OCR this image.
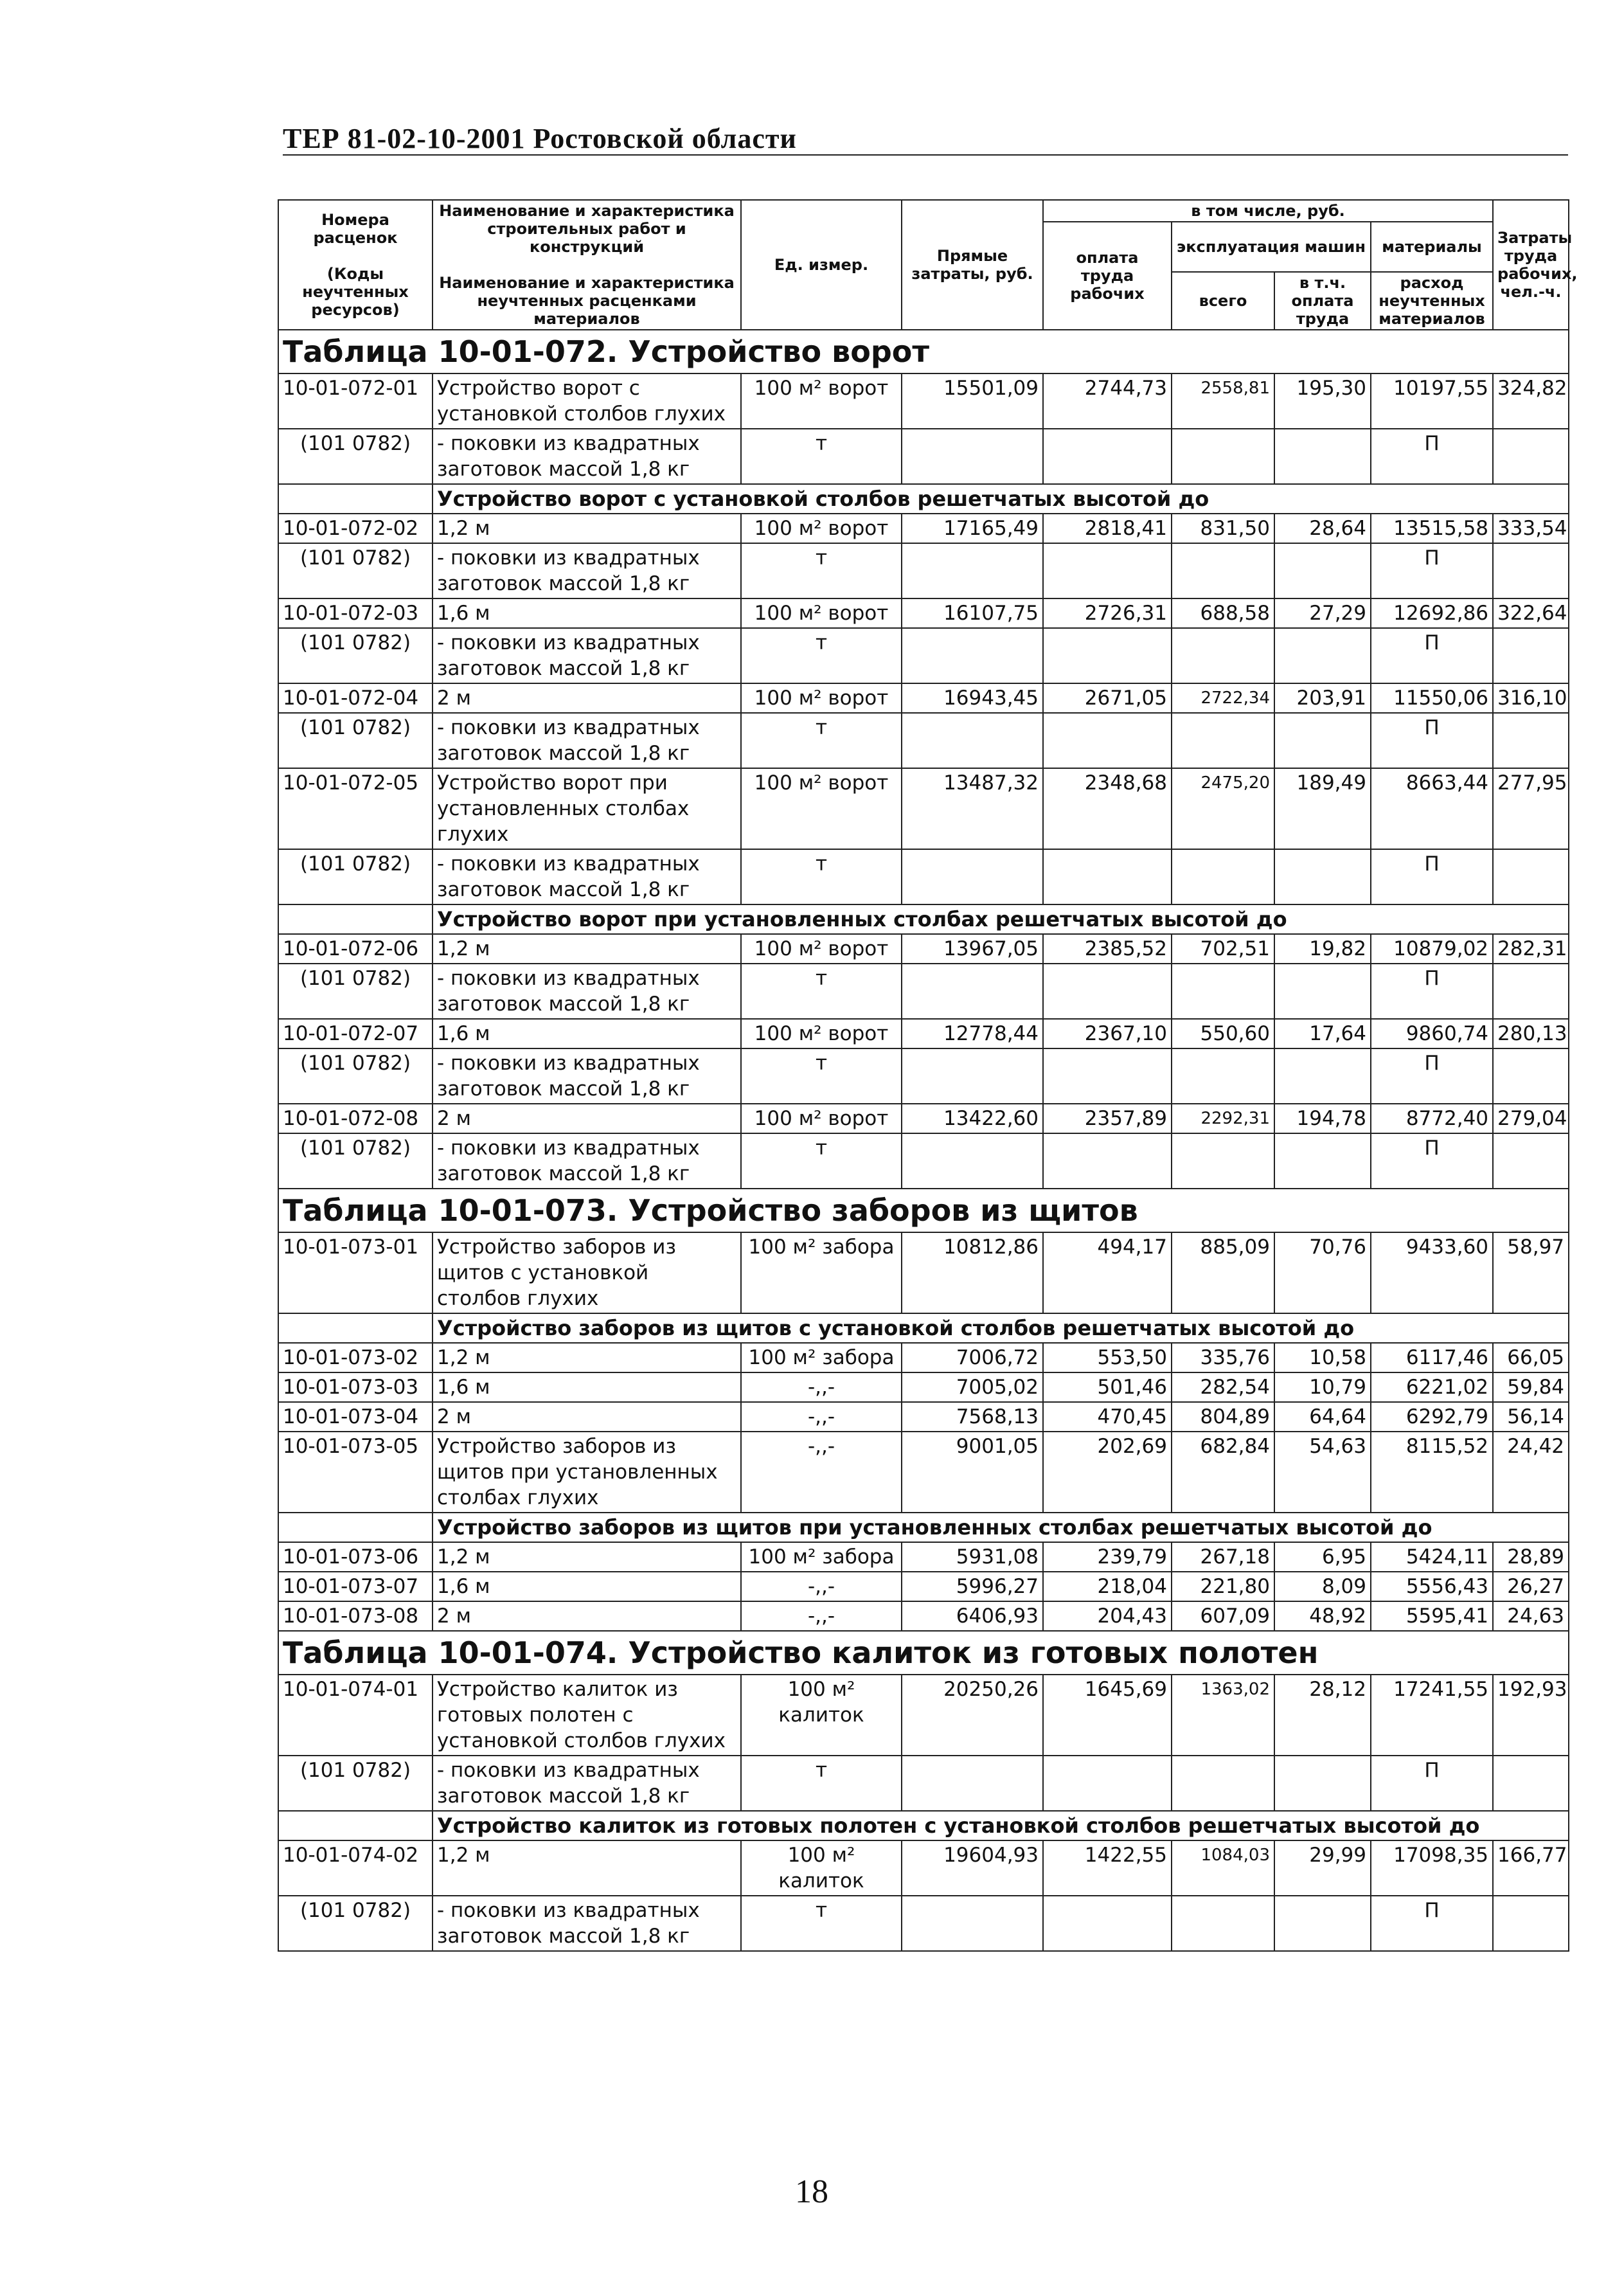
ТЕР 81-02-10-2001 Ростовской области
Номера расценок

(Коды неучтенных ресурсов)	Наименование и характеристика строительных работ и конструкций

Наименование и характеристика неучтенных расценками материалов	Ед. измер.	Прямые затраты, руб.	в том числе, руб.				Затраты труда рабочих, чел.-ч.
				оплата труда рабочих	эксплуатация машин		материалы	
					всего	в т.ч. оплата труда	расход неучтенных материалов	
Таблица 10-01-072. Устройство ворот								
10-01-072-01	Устройство ворот с установкой столбов глухих	100 м² ворот	15501,09	2744,73	2558,81	195,30	10197,55	324,82
(101 0782)	- поковки из квадратных заготовок массой 1,8 кг	т					П	
	Устройство ворот с установкой столбов решетчатых высотой до							
10-01-072-02	1,2 м	100 м² ворот	17165,49	2818,41	831,50	28,64	13515,58	333,54
(101 0782)	- поковки из квадратных заготовок массой 1,8 кг	т					П	
10-01-072-03	1,6 м	100 м² ворот	16107,75	2726,31	688,58	27,29	12692,86	322,64
(101 0782)	- поковки из квадратных заготовок массой 1,8 кг	т					П	
10-01-072-04	2 м	100 м² ворот	16943,45	2671,05	2722,34	203,91	11550,06	316,10
(101 0782)	- поковки из квадратных заготовок массой 1,8 кг	т					П	
10-01-072-05	Устройство ворот при установленных столбах глухих	100 м² ворот	13487,32	2348,68	2475,20	189,49	8663,44	277,95
(101 0782)	- поковки из квадратных заготовок массой 1,8 кг	т					П	
	Устройство ворот при установленных столбах решетчатых высотой до							
10-01-072-06	1,2 м	100 м² ворот	13967,05	2385,52	702,51	19,82	10879,02	282,31
(101 0782)	- поковки из квадратных заготовок массой 1,8 кг	т					П	
10-01-072-07	1,6 м	100 м² ворот	12778,44	2367,10	550,60	17,64	9860,74	280,13
(101 0782)	- поковки из квадратных заготовок массой 1,8 кг	т					П	
10-01-072-08	2 м	100 м² ворот	13422,60	2357,89	2292,31	194,78	8772,40	279,04
(101 0782)	- поковки из квадратных заготовок массой 1,8 кг	т					П	
Таблица 10-01-073. Устройство заборов из щитов								
10-01-073-01	Устройство заборов из щитов с установкой столбов глухих	100 м² забора	10812,86	494,17	885,09	70,76	9433,60	58,97
	Устройство заборов из щитов с установкой столбов решетчатых высотой до							
10-01-073-02	1,2 м	100 м² забора	7006,72	553,50	335,76	10,58	6117,46	66,05
10-01-073-03	1,6 м	-,,-	7005,02	501,46	282,54	10,79	6221,02	59,84
10-01-073-04	2 м	-,,-	7568,13	470,45	804,89	64,64	6292,79	56,14
10-01-073-05	Устройство заборов из щитов при установленных столбах глухих	-,,-	9001,05	202,69	682,84	54,63	8115,52	24,42
	Устройство заборов из щитов при установленных столбах решетчатых высотой до							
10-01-073-06	1,2 м	100 м² забора	5931,08	239,79	267,18	6,95	5424,11	28,89
10-01-073-07	1,6 м	-,,-	5996,27	218,04	221,80	8,09	5556,43	26,27
10-01-073-08	2 м	-,,-	6406,93	204,43	607,09	48,92	5595,41	24,63
Таблица 10-01-074. Устройство калиток из готовых полотен								
10-01-074-01	Устройство калиток из готовых полотен с установкой столбов глухих	100 м² калиток	20250,26	1645,69	1363,02	28,12	17241,55	192,93
(101 0782)	- поковки из квадратных заготовок массой 1,8 кг	т					П	
	Устройство калиток из готовых полотен с установкой столбов решетчатых высотой до							
10-01-074-02	1,2 м	100 м² калиток	19604,93	1422,55	1084,03	29,99	17098,35	166,77
(101 0782)	- поковки из квадратных заготовок массой 1,8 кг	т					П	
18
